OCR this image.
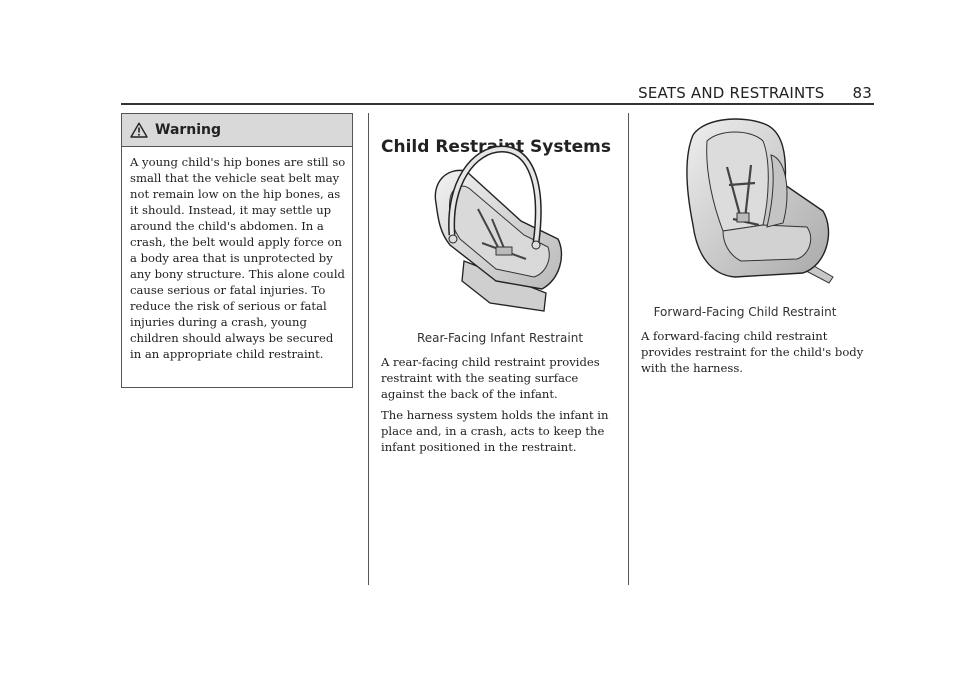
SEATS AND RESTRAINTS 83
Warning
A young child's hip bones are still so small that the vehicle seat belt may not remain low on the hip bones, as it should. Instead, it may settle up around the child's abdomen. In a crash, the belt would apply force on a body area that is unprotected by any bony structure. This alone could cause serious or fatal injuries. To reduce the risk of serious or fatal injuries during a crash, young children should always be secured in an appropriate child restraint.
Child Restraint Systems
Rear-Facing Infant Restraint

A rear-facing child restraint provides restraint with the seating surface against the back of the infant.

The harness system holds the infant in place and, in a crash, acts to keep the infant positioned in the restraint.

Forward-Facing Child Restraint

A forward-facing child restraint provides restraint for the child's body with the harness.
